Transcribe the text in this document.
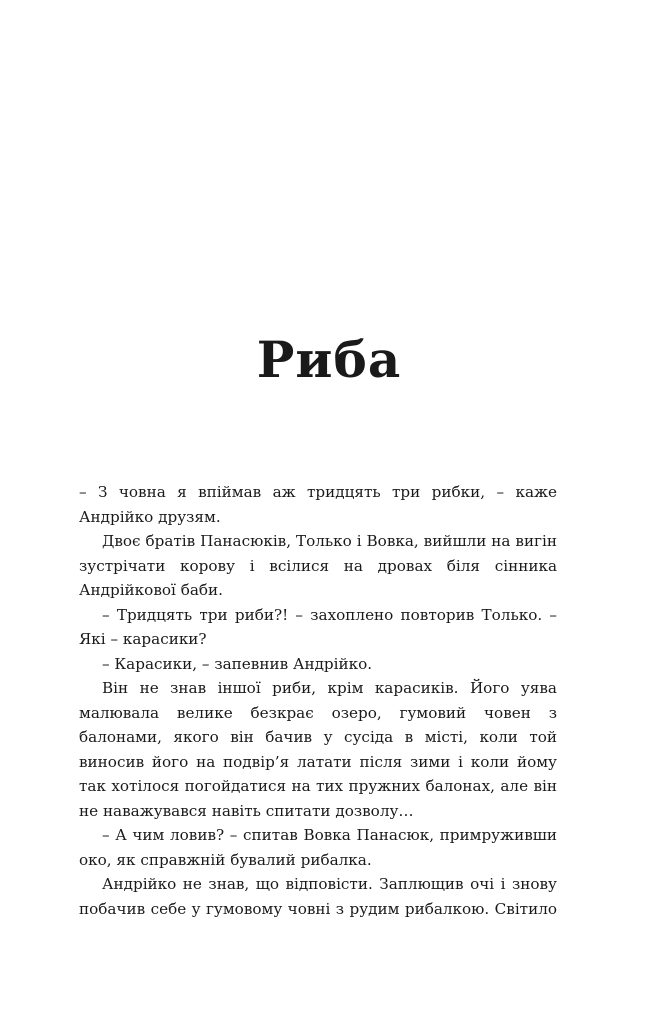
Риба

– З човна я впіймав аж тридцять три рибки, – каже Андрійко друзям.

Двоє братів Панасюків, Только і Вовка, вийшли на вигін зустрічати корову і всілися на дровах біля сінника Андрійкової баби.

– Тридцять три риби?! – захоплено повторив Только. – Які – карасики?

– Карасики, – запевнив Андрійко.

Він не знав іншої риби, крім карасиків. Його уява малювала велике безкрає озеро, гумовий човен з балонами, якого він бачив у сусіда в місті, коли той виносив його на подвір’я латати після зими і коли йому так хотілося погойдатися на тих пружних балонах, але він не наважувався навіть спитати дозволу…

– А чим ловив? – спитав Вовка Панасюк, примруживши око, як справжній бувалий рибалка.

Андрійко не знав, що відповісти. Заплющив очі і знову побачив себе у гумовому човні з рудим рибалкою. Світило
